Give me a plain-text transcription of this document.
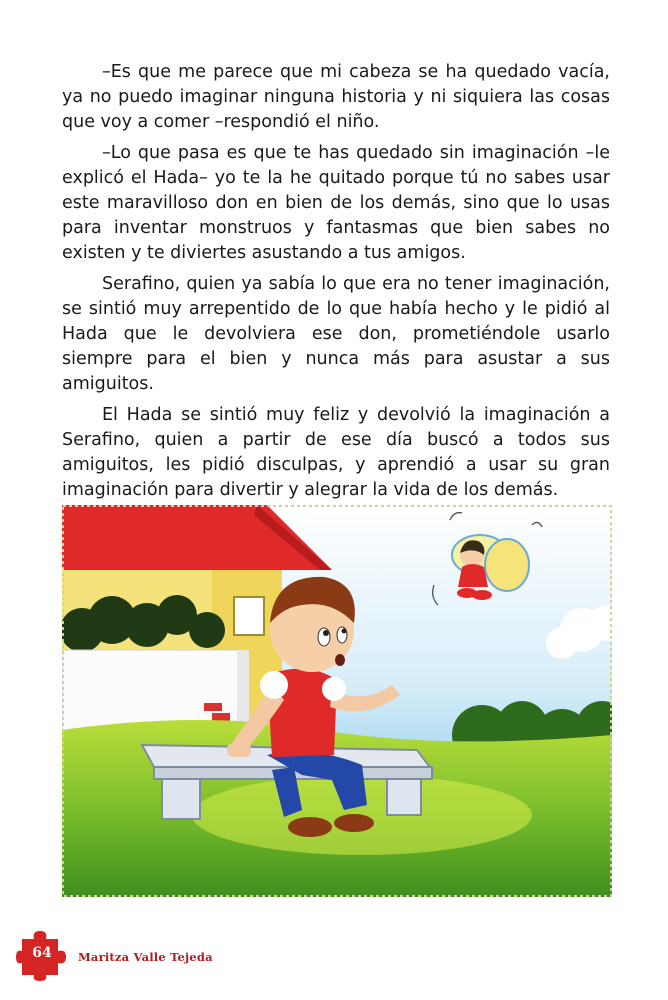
–Es que me parece que mi cabeza se ha quedado vacía, ya no puedo imaginar ninguna historia y ni siquiera las cosas que voy a comer –respondió el niño.

–Lo que pasa es que te has quedado sin imaginación –le explicó el Hada– yo te la he quitado porque tú no sabes usar este maravilloso don en bien de los demás, sino que lo usas para inventar monstruos y fantasmas que bien sabes no existen y te diviertes asustando a tus amigos.

Serafino, quien ya sabía lo que era no tener imaginación, se sintió muy arrepentido de lo que había hecho y le pidió al Hada que le devolviera ese don, prometiéndole usarlo siempre para el bien y nunca más para asustar a sus amiguitos.

El Hada se sintió muy feliz y devolvió la imaginación a Serafino, quien a partir de ese día buscó a todos sus amiguitos, les pidió disculpas, y aprendió a usar su gran imaginación para divertir y alegrar la vida de los demás.

64	Maritza Valle Tejeda
